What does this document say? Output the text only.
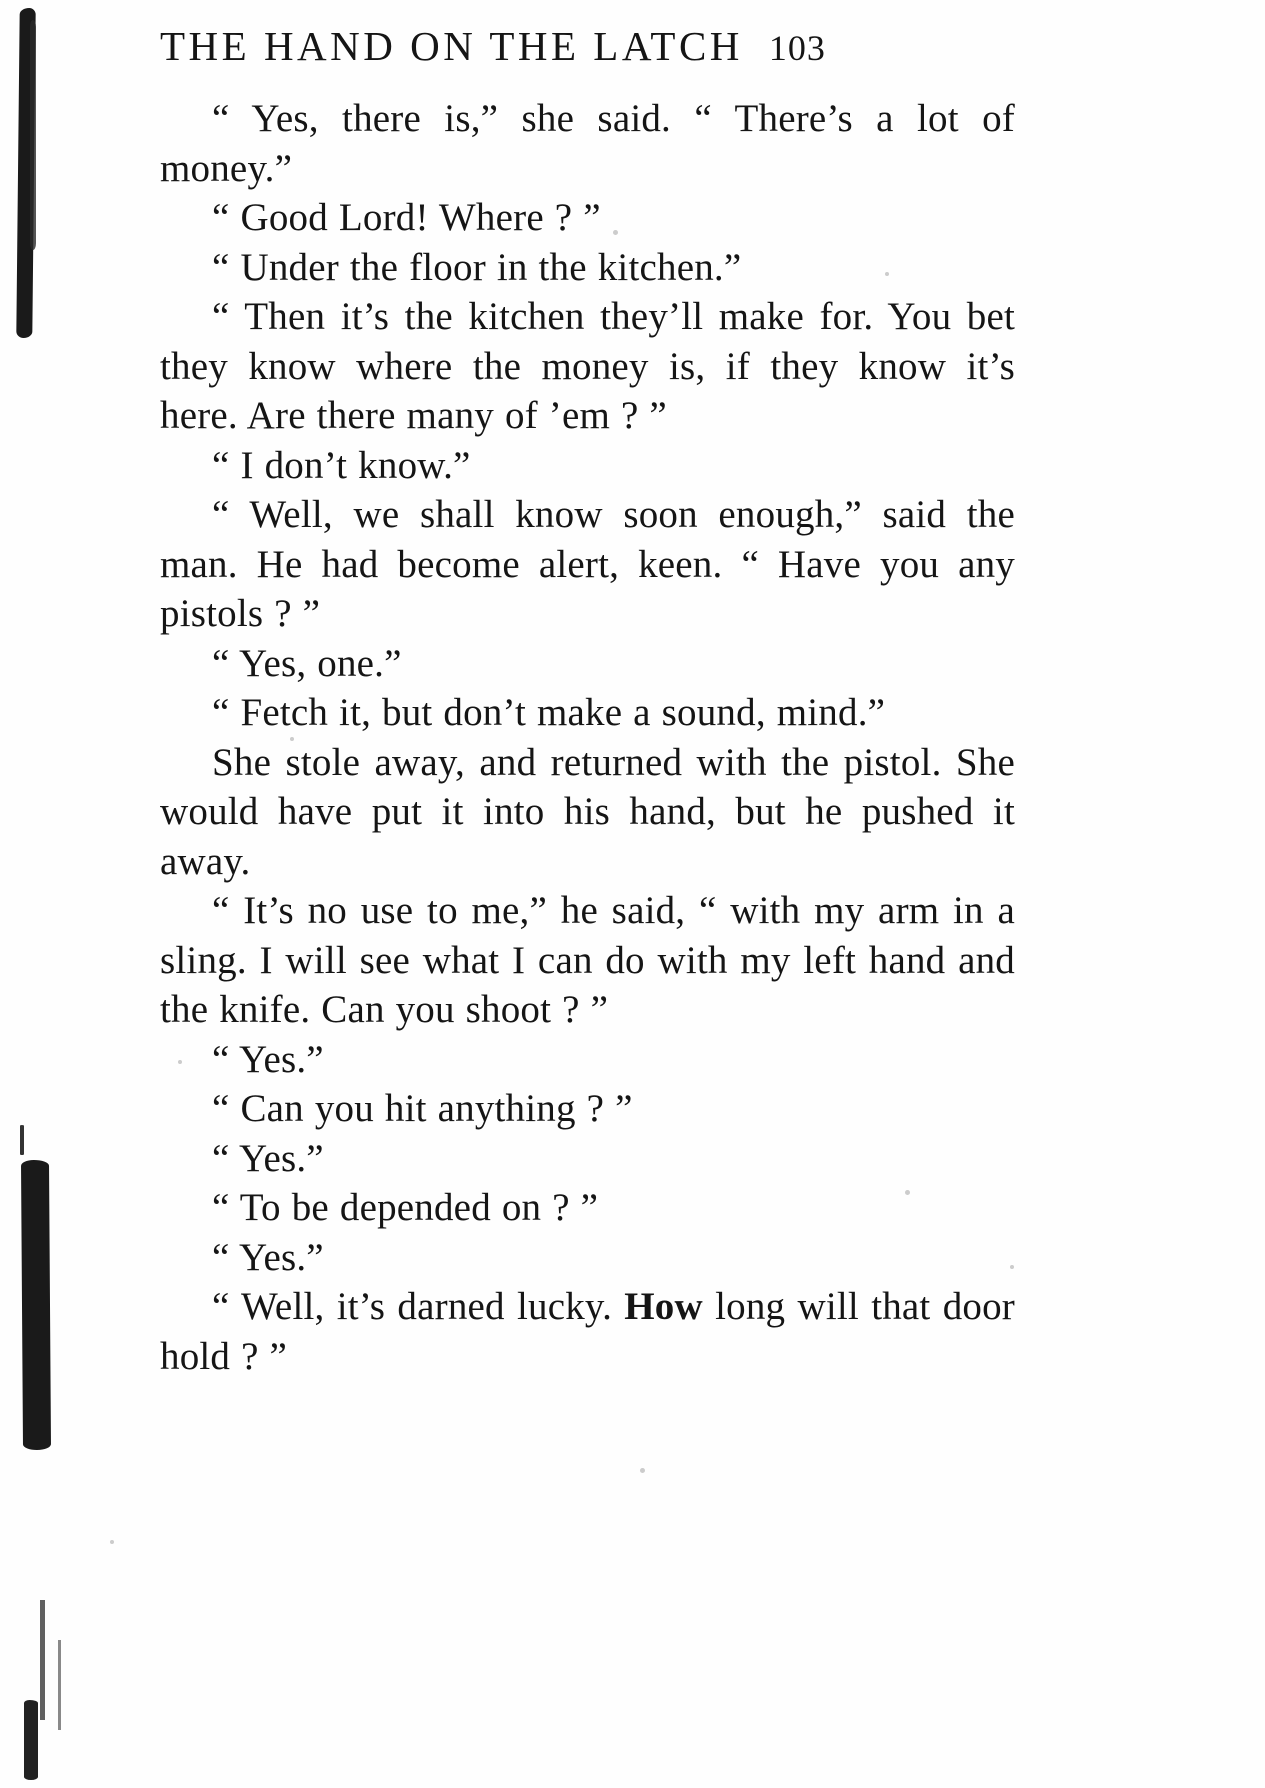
THE HAND ON THE LATCH 103

“ Yes, there is,” she said. “ There’s a lot of money.”

“ Good Lord! Where ? ”

“ Under the floor in the kitchen.”

“ Then it’s the kitchen they’ll make for. You bet they know where the money is, if they know it’s here. Are there many of ’em ? ”

“ I don’t know.”

“ Well, we shall know soon enough,” said the man. He had become alert, keen. “ Have you any pistols ? ”

“ Yes, one.”

“ Fetch it, but don’t make a sound, mind.”

She stole away, and returned with the pistol. She would have put it into his hand, but he pushed it away.

“ It’s no use to me,” he said, “ with my arm in a sling. I will see what I can do with my left hand and the knife. Can you shoot ? ”

“ Yes.”

“ Can you hit anything ? ”

“ Yes.”

“ To be depended on ? ”

“ Yes.”

“ Well, it’s darned lucky. How long will that door hold ? ”
